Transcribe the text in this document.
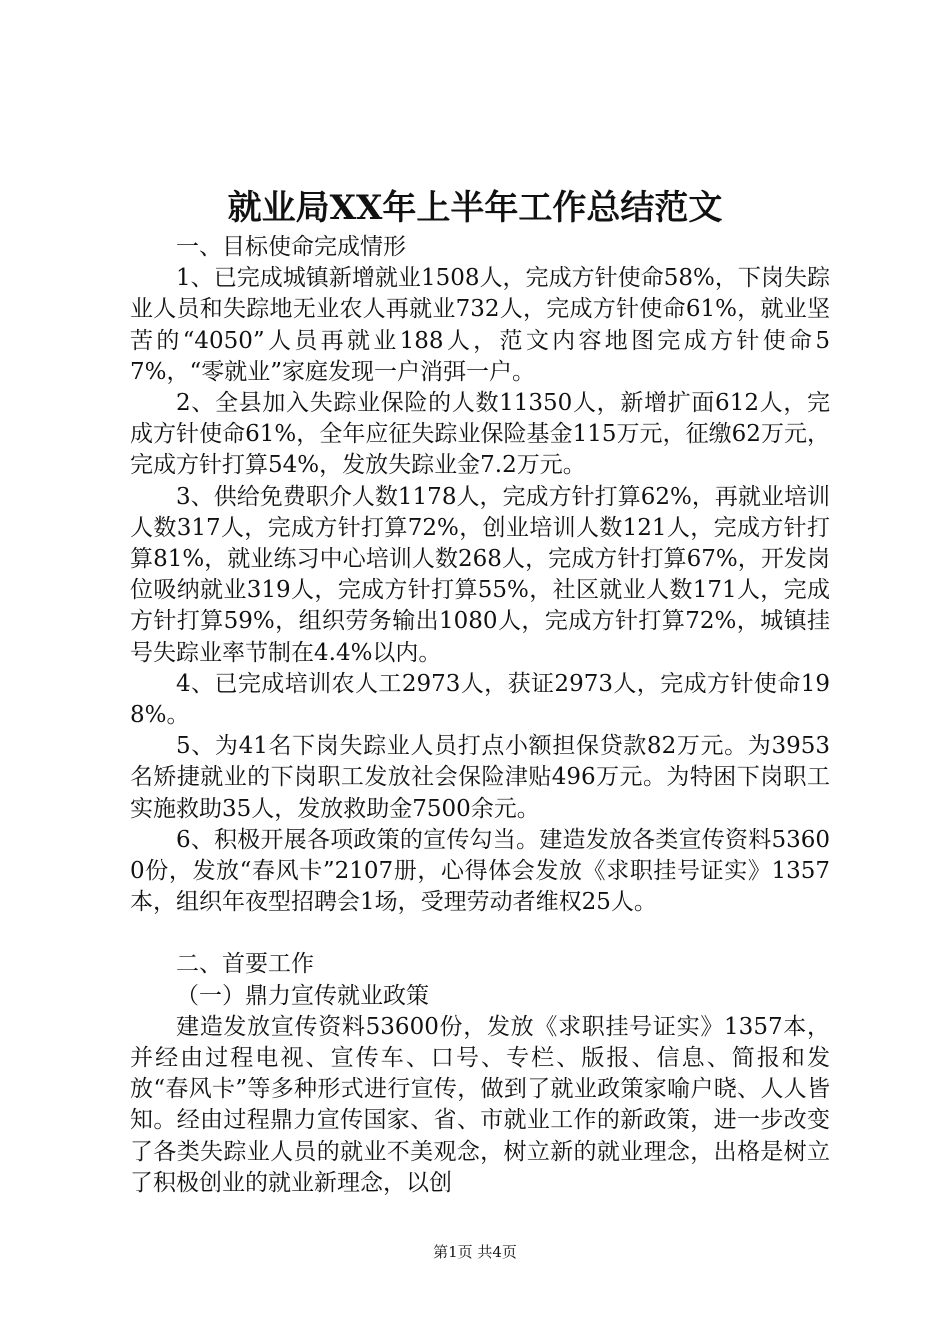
就业局XX年上半年工作总结范文

一、目标使命完成情形

1、已完成城镇新增就业1508人，完成方针使命58%，下岗失踪业人员和失踪地无业农人再就业732人，完成方针使命61%，就业坚苦的“4050”人员再就业188人，范文内容地图完成方针使命57%，“零就业”家庭发现一户消弭一户。

2、全县加入失踪业保险的人数11350人，新增扩面612人，完成方针使命61%，全年应征失踪业保险基金115万元，征缴62万元，完成方针打算54%，发放失踪业金7.2万元。

3、供给免费职介人数1178人，完成方针打算62%，再就业培训人数317人，完成方针打算72%，创业培训人数121人，完成方针打算81%，就业练习中心培训人数268人，完成方针打算67%，开发岗位吸纳就业319人，完成方针打算55%，社区就业人数171人，完成方针打算59%，组织劳务输出1080人，完成方针打算72%，城镇挂号失踪业率节制在4.4%以内。

4、已完成培训农人工2973人，获证2973人，完成方针使命198%。

5、为41名下岗失踪业人员打点小额担保贷款82万元。为3953名矫捷就业的下岗职工发放社会保险津贴496万元。为特困下岗职工实施救助35人，发放救助金7500余元。

6、积极开展各项政策的宣传勾当。建造发放各类宣传资料53600份，发放“春风卡”2107册，心得体会发放《求职挂号证实》1357本，组织年夜型招聘会1场，受理劳动者维权25人。

二、首要工作

（一）鼎力宣传就业政策

建造发放宣传资料53600份，发放《求职挂号证实》1357本，并经由过程电视、宣传车、口号、专栏、版报、信息、简报和发放“春风卡”等多种形式进行宣传，做到了就业政策家喻户晓、人人皆知。经由过程鼎力宣传国家、省、市就业工作的新政策，进一步改变了各类失踪业人员的就业不美观念，树立新的就业理念，出格是树立了积极创业的就业新理念，以创

第1页 共4页
